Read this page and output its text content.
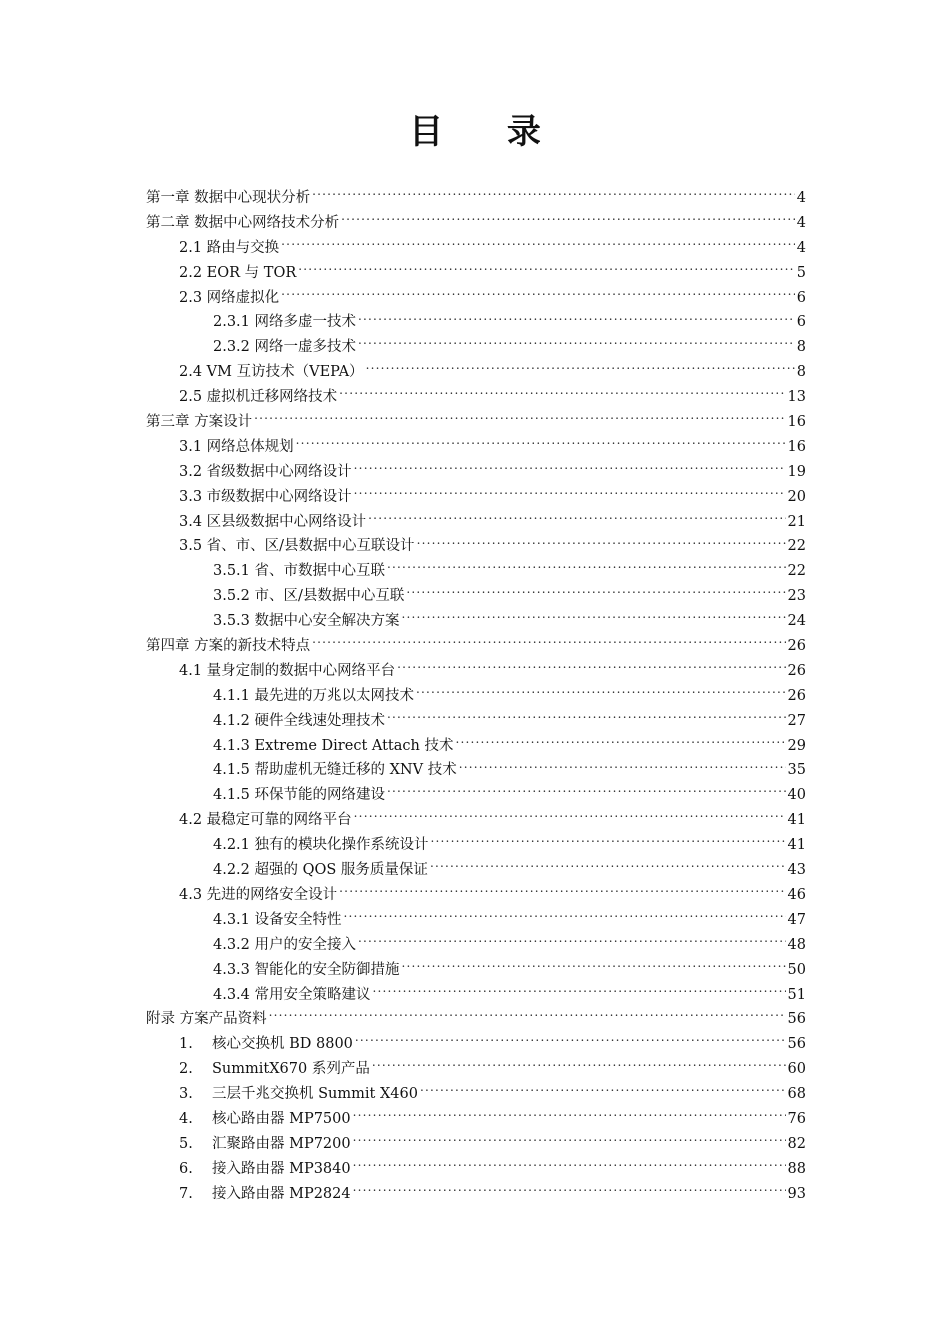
目 录
第一章 数据中心现状分析 .....	4
第二章 数据中心网络技术分析 .....	4
2.1 路由与交换 .....	4
2.2 EOR 与 TOR .....	5
2.3 网络虚拟化 .....	6
2.3.1 网络多虚一技术 .....	6
2.3.2 网络一虚多技术 .....	8
2.4 VM 互访技术（VEPA） .....	8
2.5 虚拟机迁移网络技术 .....	13
第三章 方案设计 .....	16
3.1 网络总体规划 .....	16
3.2 省级数据中心网络设计 .....	19
3.3 市级数据中心网络设计 .....	20
3.4 区县级数据中心网络设计 .....	21
3.5 省、市、区/县数据中心互联设计 .....	22
3.5.1 省、市数据中心互联 .....	22
3.5.2 市、区/县数据中心互联 .....	23
3.5.3 数据中心安全解决方案 .....	24
第四章 方案的新技术特点 .....	26
4.1 量身定制的数据中心网络平台 .....	26
4.1.1 最先进的万兆以太网技术 .....	26
4.1.2 硬件全线速处理技术 .....	27
4.1.3 Extreme Direct Attach 技术 .....	29
4.1.5 帮助虚机无缝迁移的 XNV 技术 .....	35
4.1.5 环保节能的网络建设 .....	40
4.2 最稳定可靠的网络平台 .....	41
4.2.1 独有的模块化操作系统设计 .....	41
4.2.2 超强的 QOS 服务质量保证 .....	43
4.3 先进的网络安全设计 .....	46
4.3.1 设备安全特性 .....	47
4.3.2 用户的安全接入 .....	48
4.3.3 智能化的安全防御措施 .....	50
4.3.4 常用安全策略建议 .....	51
附录 方案产品资料 .....	56
1.	核心交换机 BD 8800 .....	56
2.	SummitX670 系列产品 .....	60
3.	三层千兆交换机 Summit X460 .....	68
4.	核心路由器 MP7500 .....	76
5.	汇聚路由器 MP7200 .....	82
6.	接入路由器 MP3840 .....	88
7.	接入路由器 MP2824 .....	93
